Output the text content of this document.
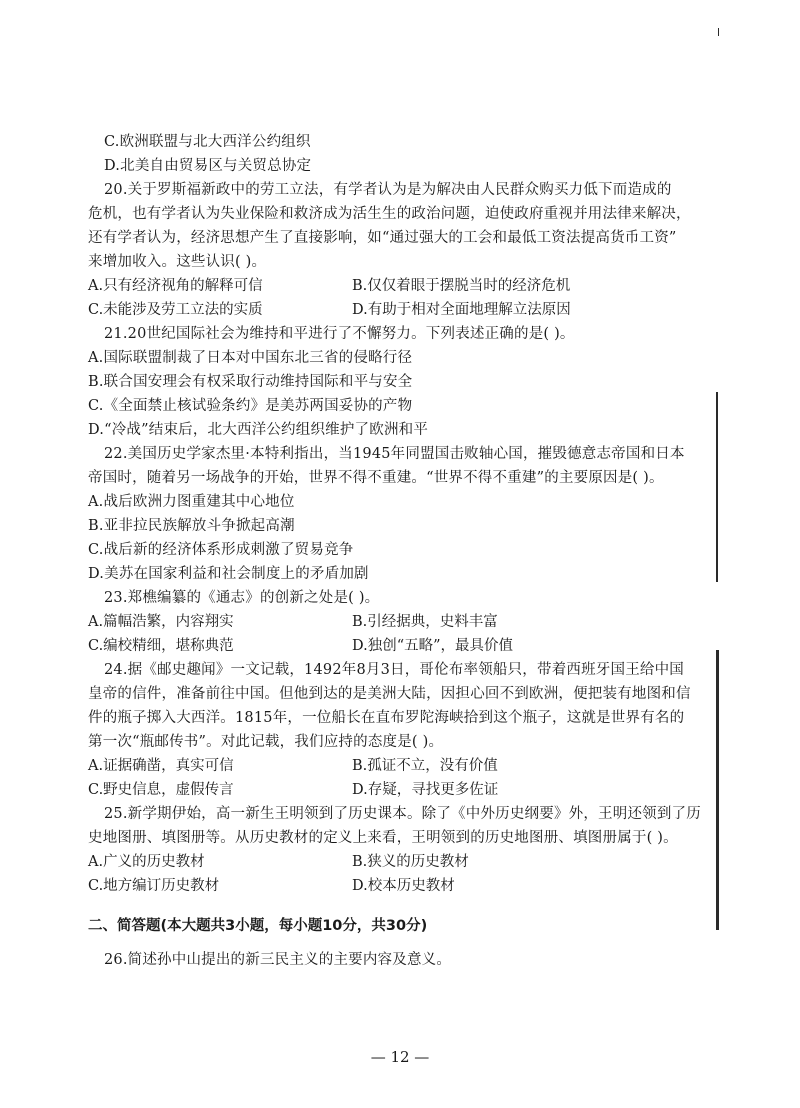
C.欧洲联盟与北大西洋公约组织
D.北美自由贸易区与关贸总协定
20.关于罗斯福新政中的劳工立法，有学者认为是为解决由人民群众购买力低下而造成的
危机，也有学者认为失业保险和救济成为活生生的政治问题，迫使政府重视并用法律来解决，
还有学者认为，经济思想产生了直接影响，如“通过强大的工会和最低工资法提高货币工资”
来增加收入。这些认识( )。
A.只有经济视角的解释可信	B.仅仅着眼于摆脱当时的经济危机
C.未能涉及劳工立法的实质	D.有助于相对全面地理解立法原因
21.20世纪国际社会为维持和平进行了不懈努力。下列表述正确的是( )。
A.国际联盟制裁了日本对中国东北三省的侵略行径
B.联合国安理会有权采取行动维持国际和平与安全
C.《全面禁止核试验条约》是美苏两国妥协的产物
D.“冷战”结束后，北大西洋公约组织维护了欧洲和平
22.美国历史学家杰里·本特利指出，当1945年同盟国击败轴心国，摧毁德意志帝国和日本
帝国时，随着另一场战争的开始，世界不得不重建。“世界不得不重建”的主要原因是( )。
A.战后欧洲力图重建其中心地位
B.亚非拉民族解放斗争掀起高潮
C.战后新的经济体系形成刺激了贸易竞争
D.美苏在国家利益和社会制度上的矛盾加剧
23.郑樵编纂的《通志》的创新之处是( )。
A.篇幅浩繁，内容翔实	B.引经据典，史料丰富
C.编校精细，堪称典范	D.独创“五略”，最具价值
24.据《邮史趣闻》一文记载，1492年8月3日，哥伦布率领船只，带着西班牙国王给中国
皇帝的信件，准备前往中国。但他到达的是美洲大陆，因担心回不到欧洲，便把装有地图和信
件的瓶子掷入大西洋。1815年，一位船长在直布罗陀海峡拾到这个瓶子，这就是世界有名的
第一次“瓶邮传书”。对此记载，我们应持的态度是( )。
A.证据确凿，真实可信	B.孤证不立，没有价值
C.野史信息，虚假传言	D.存疑，寻找更多佐证
25.新学期伊始，高一新生王明领到了历史课本。除了《中外历史纲要》外，王明还领到了历
史地图册、填图册等。从历史教材的定义上来看，王明领到的历史地图册、填图册属于( )。
A.广义的历史教材	B.狭义的历史教材
C.地方编订历史教材	D.校本历史教材
二、简答题(本大题共3小题，每小题10分，共30分)
26.简述孙中山提出的新三民主义的主要内容及意义。
— 12 —
